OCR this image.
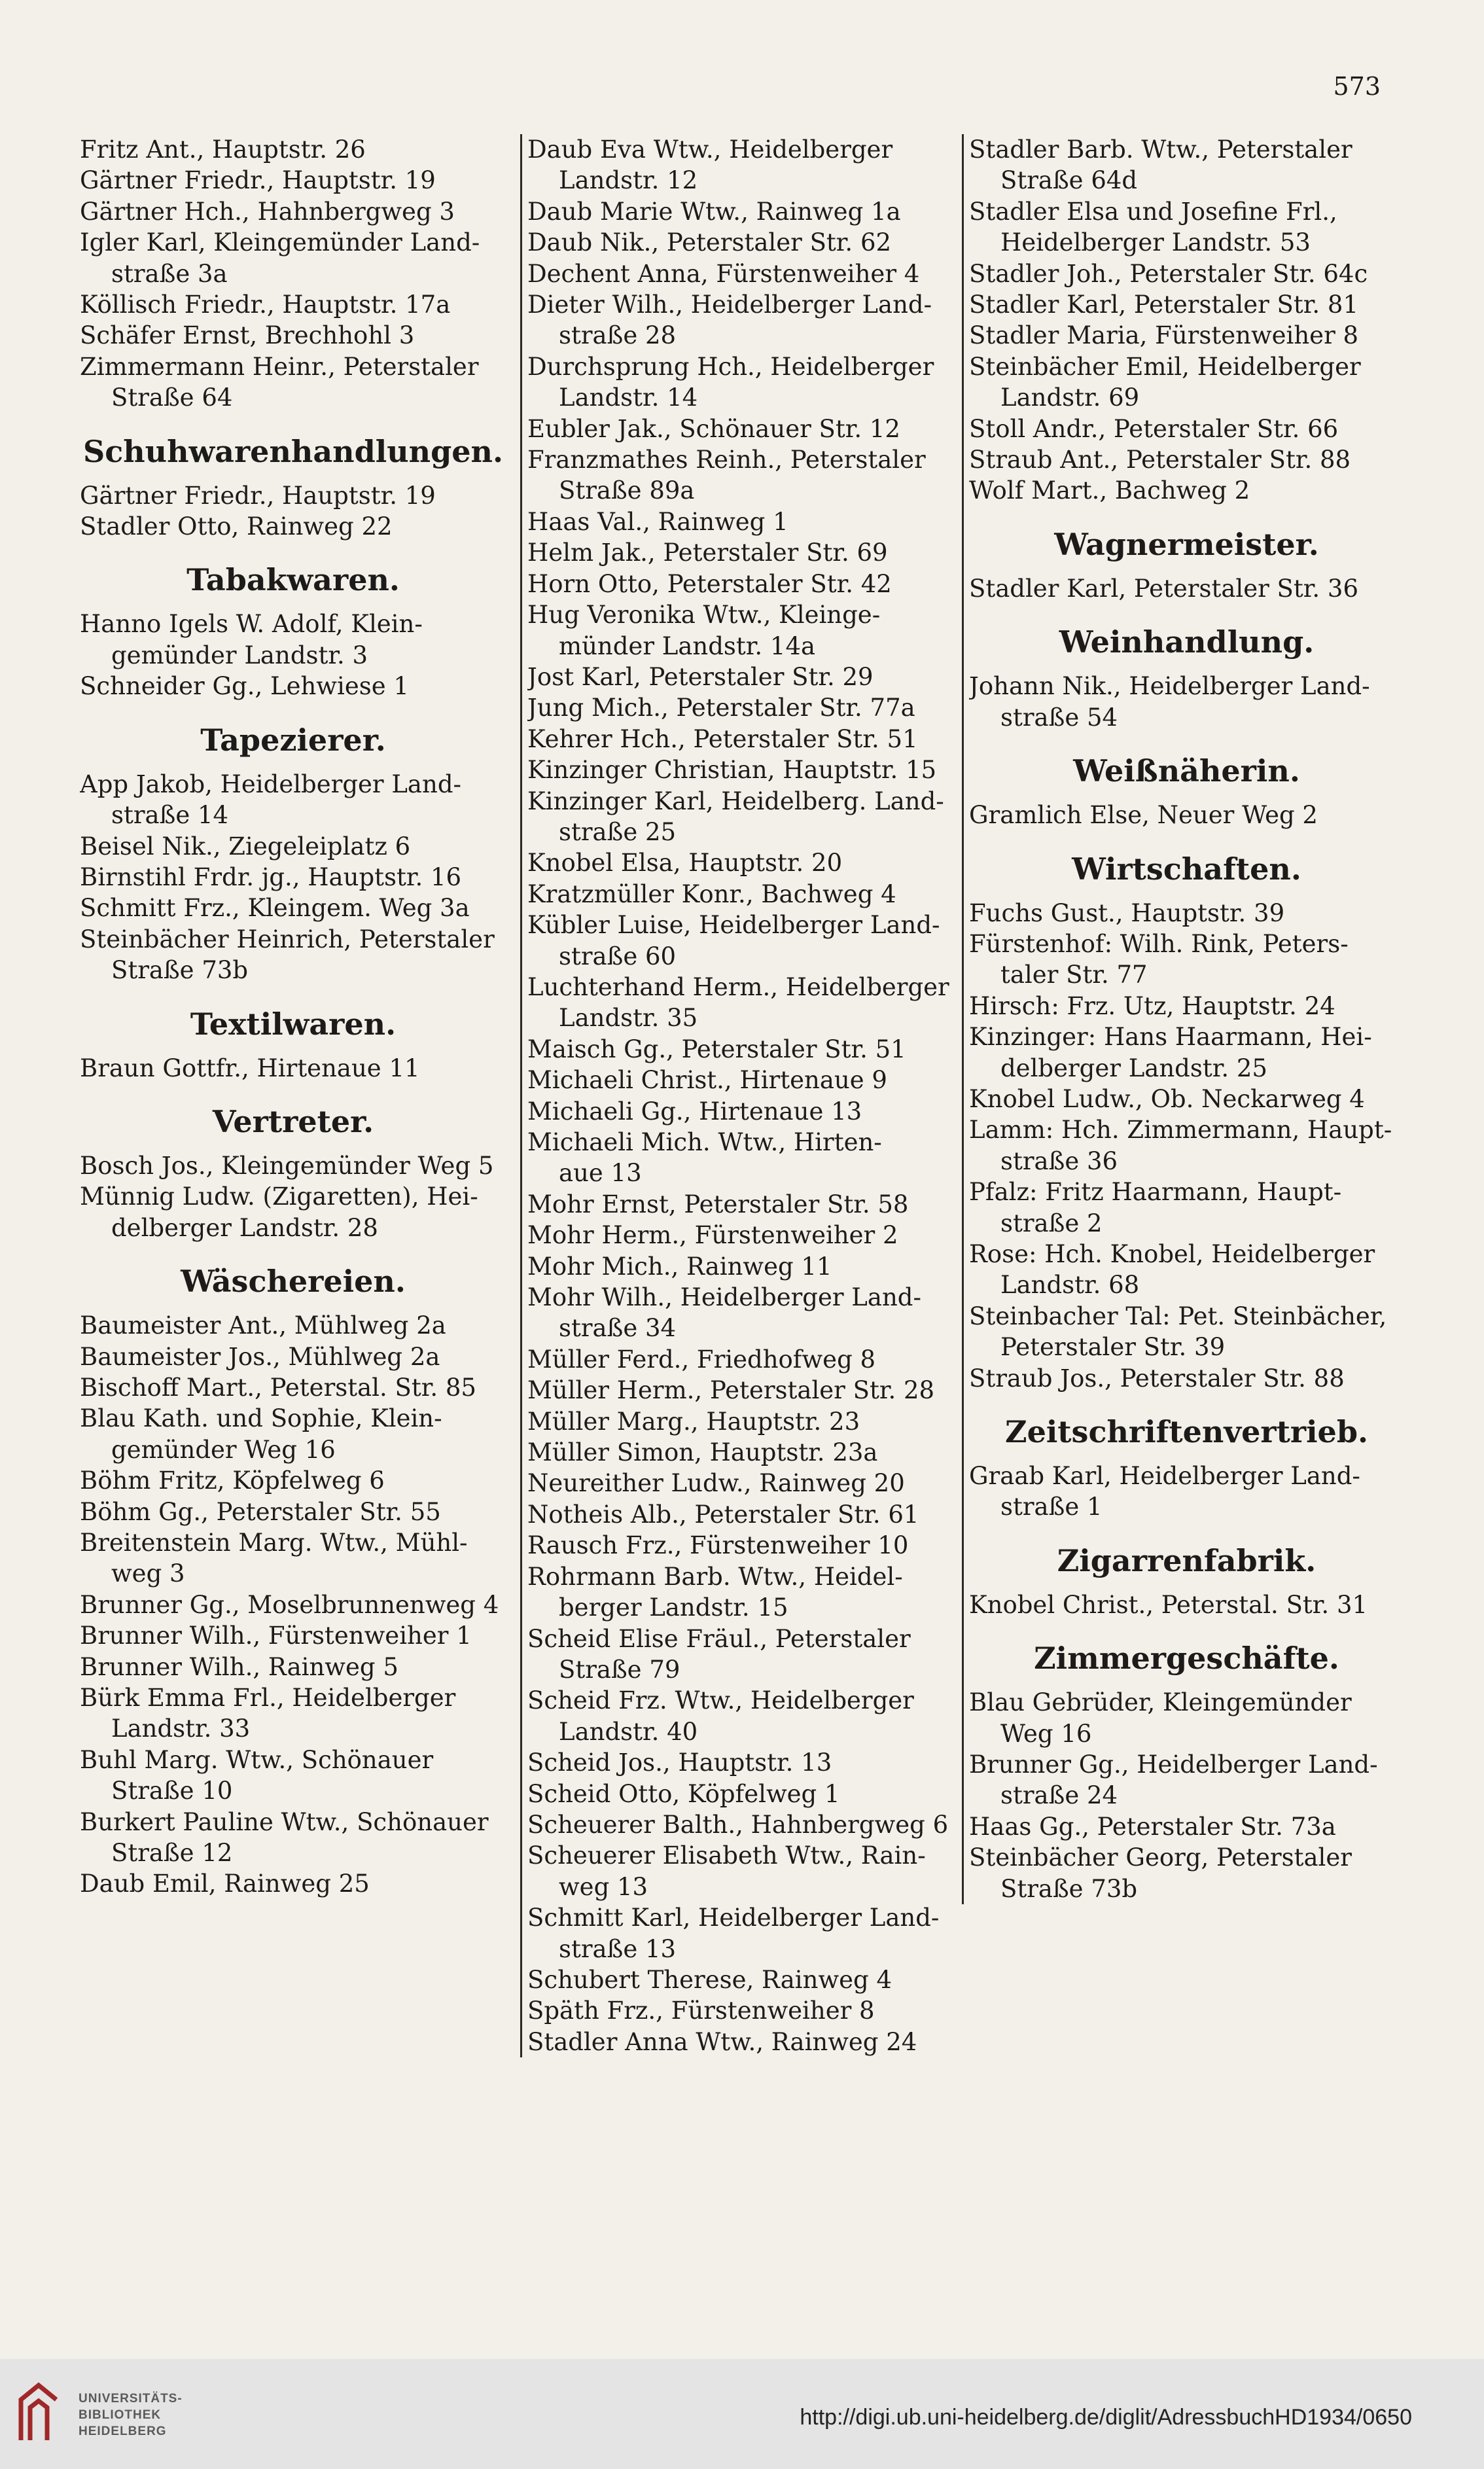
573
Fritz Ant., Hauptstr. 26
Gärtner Friedr., Hauptstr. 19
Gärtner Hch., Hahnbergweg 3
Igler Karl, Kleingemünder Land-
straße 3a
Köllisch Friedr., Hauptstr. 17a
Schäfer Ernst, Brechhohl 3
Zimmermann Heinr., Peterstaler
Straße 64
Schuhwarenhandlungen.
Gärtner Friedr., Hauptstr. 19
Stadler Otto, Rainweg 22
Tabakwaren.
Hanno Igels W. Adolf, Klein-
gemünder Landstr. 3
Schneider Gg., Lehwiese 1
Tapezierer.
App Jakob, Heidelberger Land-
straße 14
Beisel Nik., Ziegeleiplatz 6
Birnstihl Frdr. jg., Hauptstr. 16
Schmitt Frz., Kleingem. Weg 3a
Steinbächer Heinrich, Peterstaler
Straße 73b
Textilwaren.
Braun Gottfr., Hirtenaue 11
Vertreter.
Bosch Jos., Kleingemünder Weg 5
Münnig Ludw. (Zigaretten), Hei-
delberger Landstr. 28
Wäschereien.
Baumeister Ant., Mühlweg 2a
Baumeister Jos., Mühlweg 2a
Bischoff Mart., Peterstal. Str. 85
Blau Kath. und Sophie, Klein-
gemünder Weg 16
Böhm Fritz, Köpfelweg 6
Böhm Gg., Peterstaler Str. 55
Breitenstein Marg. Wtw., Mühl-
weg 3
Brunner Gg., Moselbrunnenweg 4
Brunner Wilh., Fürstenweiher 1
Brunner Wilh., Rainweg 5
Bürk Emma Frl., Heidelberger
Landstr. 33
Buhl Marg. Wtw., Schönauer
Straße 10
Burkert Pauline Wtw., Schönauer
Straße 12
Daub Emil, Rainweg 25
Daub Eva Wtw., Heidelberger
Landstr. 12
Daub Marie Wtw., Rainweg 1a
Daub Nik., Peterstaler Str. 62
Dechent Anna, Fürstenweiher 4
Dieter Wilh., Heidelberger Land-
straße 28
Durchsprung Hch., Heidelberger
Landstr. 14
Eubler Jak., Schönauer Str. 12
Franzmathes Reinh., Peterstaler
Straße 89a
Haas Val., Rainweg 1
Helm Jak., Peterstaler Str. 69
Horn Otto, Peterstaler Str. 42
Hug Veronika Wtw., Kleinge-
münder Landstr. 14a
Jost Karl, Peterstaler Str. 29
Jung Mich., Peterstaler Str. 77a
Kehrer Hch., Peterstaler Str. 51
Kinzinger Christian, Hauptstr. 15
Kinzinger Karl, Heidelberg. Land-
straße 25
Knobel Elsa, Hauptstr. 20
Kratzmüller Konr., Bachweg 4
Kübler Luise, Heidelberger Land-
straße 60
Luchterhand Herm., Heidelberger
Landstr. 35
Maisch Gg., Peterstaler Str. 51
Michaeli Christ., Hirtenaue 9
Michaeli Gg., Hirtenaue 13
Michaeli Mich. Wtw., Hirten-
aue 13
Mohr Ernst, Peterstaler Str. 58
Mohr Herm., Fürstenweiher 2
Mohr Mich., Rainweg 11
Mohr Wilh., Heidelberger Land-
straße 34
Müller Ferd., Friedhofweg 8
Müller Herm., Peterstaler Str. 28
Müller Marg., Hauptstr. 23
Müller Simon, Hauptstr. 23a
Neureither Ludw., Rainweg 20
Notheis Alb., Peterstaler Str. 61
Rausch Frz., Fürstenweiher 10
Rohrmann Barb. Wtw., Heidel-
berger Landstr. 15
Scheid Elise Fräul., Peterstaler
Straße 79
Scheid Frz. Wtw., Heidelberger
Landstr. 40
Scheid Jos., Hauptstr. 13
Scheid Otto, Köpfelweg 1
Scheuerer Balth., Hahnbergweg 6
Scheuerer Elisabeth Wtw., Rain-
weg 13
Schmitt Karl, Heidelberger Land-
straße 13
Schubert Therese, Rainweg 4
Späth Frz., Fürstenweiher 8
Stadler Anna Wtw., Rainweg 24
Stadler Barb. Wtw., Peterstaler
Straße 64d
Stadler Elsa und Josefine Frl.,
Heidelberger Landstr. 53
Stadler Joh., Peterstaler Str. 64c
Stadler Karl, Peterstaler Str. 81
Stadler Maria, Fürstenweiher 8
Steinbächer Emil, Heidelberger
Landstr. 69
Stoll Andr., Peterstaler Str. 66
Straub Ant., Peterstaler Str. 88
Wolf Mart., Bachweg 2
Wagnermeister.
Stadler Karl, Peterstaler Str. 36
Weinhandlung.
Johann Nik., Heidelberger Land-
straße 54
Weißnäherin.
Gramlich Else, Neuer Weg 2
Wirtschaften.
Fuchs Gust., Hauptstr. 39
Fürstenhof: Wilh. Rink, Peters-
taler Str. 77
Hirsch: Frz. Utz, Hauptstr. 24
Kinzinger: Hans Haarmann, Hei-
delberger Landstr. 25
Knobel Ludw., Ob. Neckarweg 4
Lamm: Hch. Zimmermann, Haupt-
straße 36
Pfalz: Fritz Haarmann, Haupt-
straße 2
Rose: Hch. Knobel, Heidelberger
Landstr. 68
Steinbacher Tal: Pet. Steinbächer,
Peterstaler Str. 39
Straub Jos., Peterstaler Str. 88
Zeitschriftenvertrieb.
Graab Karl, Heidelberger Land-
straße 1
Zigarrenfabrik.
Knobel Christ., Peterstal. Str. 31
Zimmergeschäfte.
Blau Gebrüder, Kleingemünder
Weg 16
Brunner Gg., Heidelberger Land-
straße 24
Haas Gg., Peterstaler Str. 73a
Steinbächer Georg, Peterstaler
Straße 73b
UNIVERSITÄTS-
BIBLIOTHEK
HEIDELBERG
http://digi.ub.uni-heidelberg.de/diglit/AdressbuchHD1934/0650
